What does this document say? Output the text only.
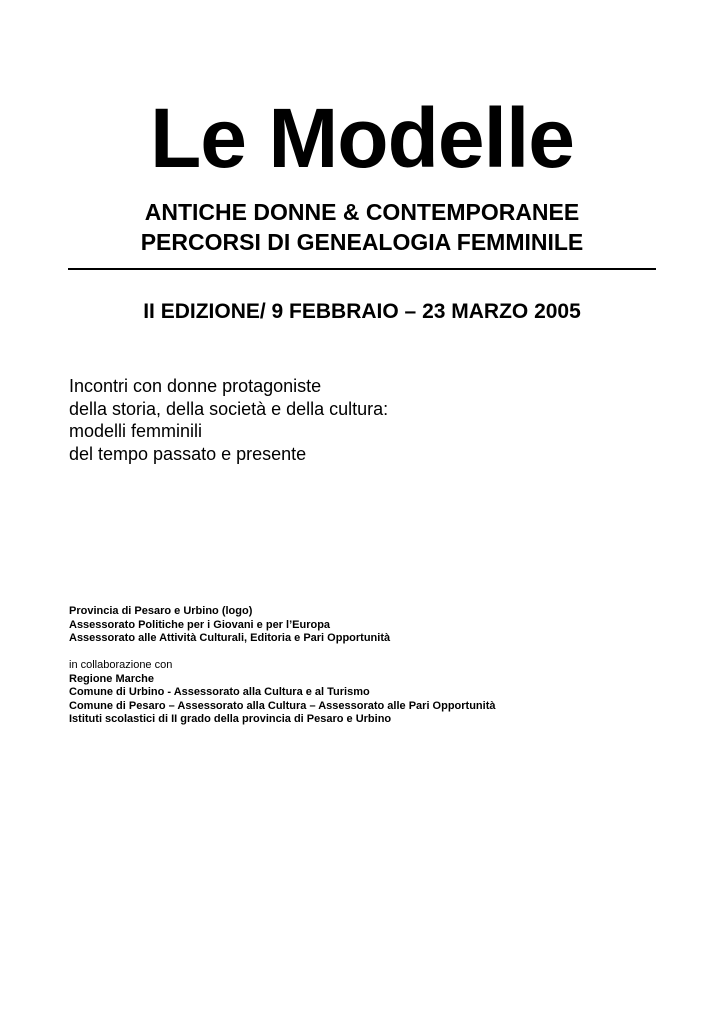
Le Modelle
ANTICHE DONNE & CONTEMPORANEE
PERCORSI DI GENEALOGIA FEMMINILE
II EDIZIONE/ 9 FEBBRAIO – 23 MARZO 2005
Incontri con donne protagoniste
della storia, della società e della cultura:
modelli femminili
del tempo passato e presente
Provincia di Pesaro e Urbino (logo)
Assessorato Politiche per i Giovani e per l’Europa
Assessorato alle Attività Culturali, Editoria e Pari Opportunità
in collaborazione con
Regione Marche
Comune di Urbino - Assessorato alla Cultura e al Turismo
Comune di Pesaro – Assessorato alla Cultura – Assessorato alle Pari Opportunità
Istituti scolastici di II grado della provincia di Pesaro e Urbino
